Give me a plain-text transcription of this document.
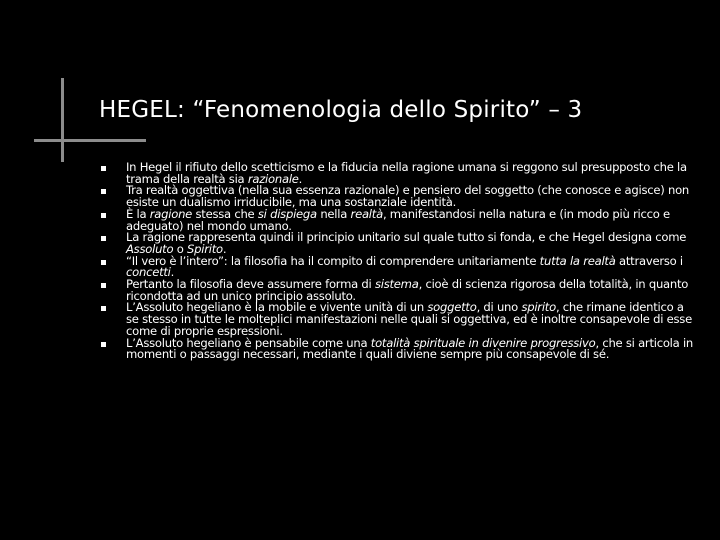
HEGEL: “Fenomenologia dello Spirito” – 3
In Hegel il rifiuto dello scetticismo e la fiducia nella ragione umana si reggono sul presupposto che la trama della realtà sia razionale.
Tra realtà oggettiva (nella sua essenza razionale) e pensiero del soggetto (che conosce e agisce) non esiste un dualismo irriducibile, ma una sostanziale identità.
È la ragione stessa che si dispiega nella realtà, manifestandosi nella natura e (in modo più ricco e adeguato) nel mondo umano.
La ragione rappresenta quindi il principio unitario sul quale tutto si fonda, e che Hegel designa come Assoluto o Spirito.
“Il vero è l’intero”: la filosofia ha il compito di comprendere unitariamente tutta la realtà attraverso i concetti.
Pertanto la filosofia deve assumere forma di sistema, cioè di scienza rigorosa della totalità, in quanto ricondotta ad un unico principio assoluto.
L’Assoluto hegeliano è la mobile e vivente unità di un soggetto, di uno spirito, che rimane identico a se stesso in tutte le molteplici manifestazioni nelle quali si oggettiva, ed è inoltre consapevole di esse come di proprie espressioni.
L’Assoluto hegeliano è pensabile come una totalità spirituale in divenire progressivo, che si articola in momenti o passaggi necessari, mediante i quali diviene sempre più consapevole di sé.
